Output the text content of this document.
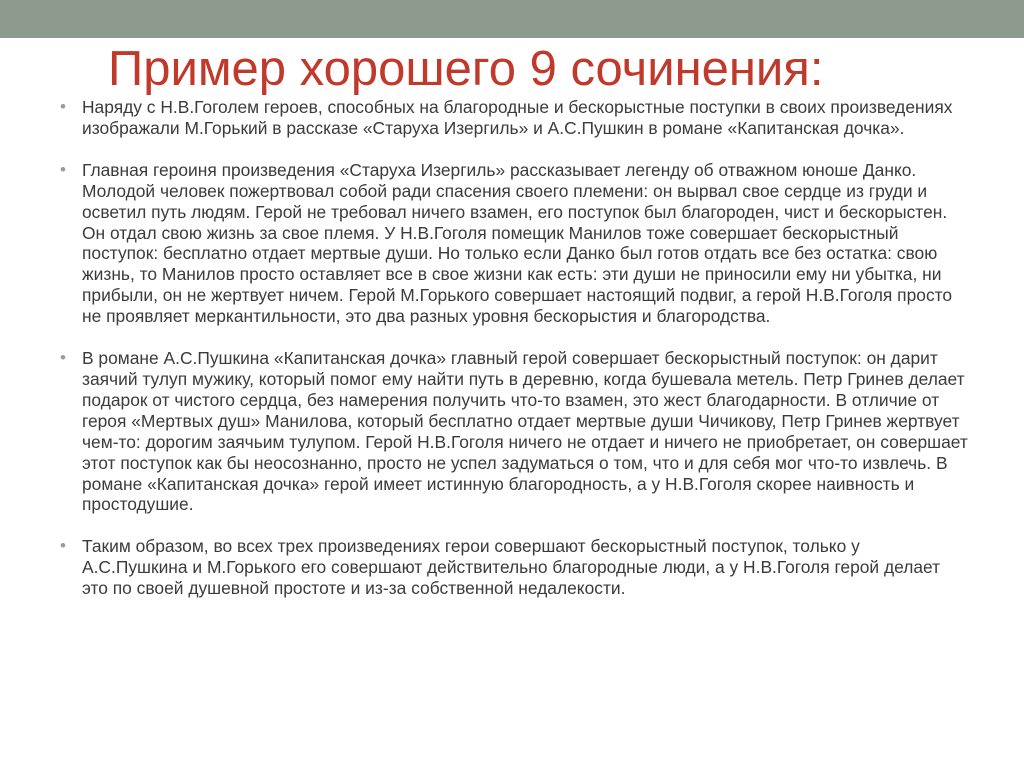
Пример хорошего 9 сочинения:
• Наряду с Н.В.Гоголем героев, способных на благородные и бескорыстные поступки в своих произведениях изображали М.Горький в рассказе «Старуха Изергиль» и А.С.Пушкин в романе «Капитанская дочка».
• Главная героиня произведения «Старуха Изергиль» рассказывает легенду об отважном юноше Данко. Молодой человек пожертвовал собой ради спасения своего племени: он вырвал свое сердце из груди и осветил путь людям. Герой не требовал ничего взамен, его поступок был благороден, чист и бескорыстен. Он отдал свою жизнь за свое племя. У Н.В.Гоголя помещик Манилов тоже совершает бескорыстный поступок: бесплатно отдает мертвые души. Но только если Данко был готов отдать все без остатка: свою жизнь, то Манилов просто оставляет все в свое жизни как есть: эти души не приносили ему ни убытка, ни прибыли, он не жертвует ничем. Герой М.Горького совершает настоящий подвиг, а герой Н.В.Гоголя просто не проявляет меркантильности, это два разных уровня бескорыстия и благородства.
• В романе А.С.Пушкина «Капитанская дочка» главный герой совершает бескорыстный поступок: он дарит заячий тулуп мужику, который помог ему найти путь в деревню, когда бушевала метель. Петр Гринев делает подарок от чистого сердца, без намерения получить что-то взамен, это жест благодарности. В отличие от героя «Мертвых душ» Манилова, который бесплатно отдает мертвые души Чичикову, Петр Гринев жертвует чем-то: дорогим заячьим тулупом. Герой Н.В.Гоголя ничего не отдает и ничего не приобретает, он совершает этот поступок как бы неосознанно, просто не успел задуматься о том, что и для себя мог что-то извлечь. В романе «Капитанская дочка» герой имеет истинную благородность, а у Н.В.Гоголя скорее наивность и простодушие.
• Таким образом, во всех трех произведениях герои совершают бескорыстный поступок, только у А.С.Пушкина и М.Горького его совершают действительно благородные люди, а у Н.В.Гоголя герой делает это по своей душевной простоте и из-за собственной недалекости.
